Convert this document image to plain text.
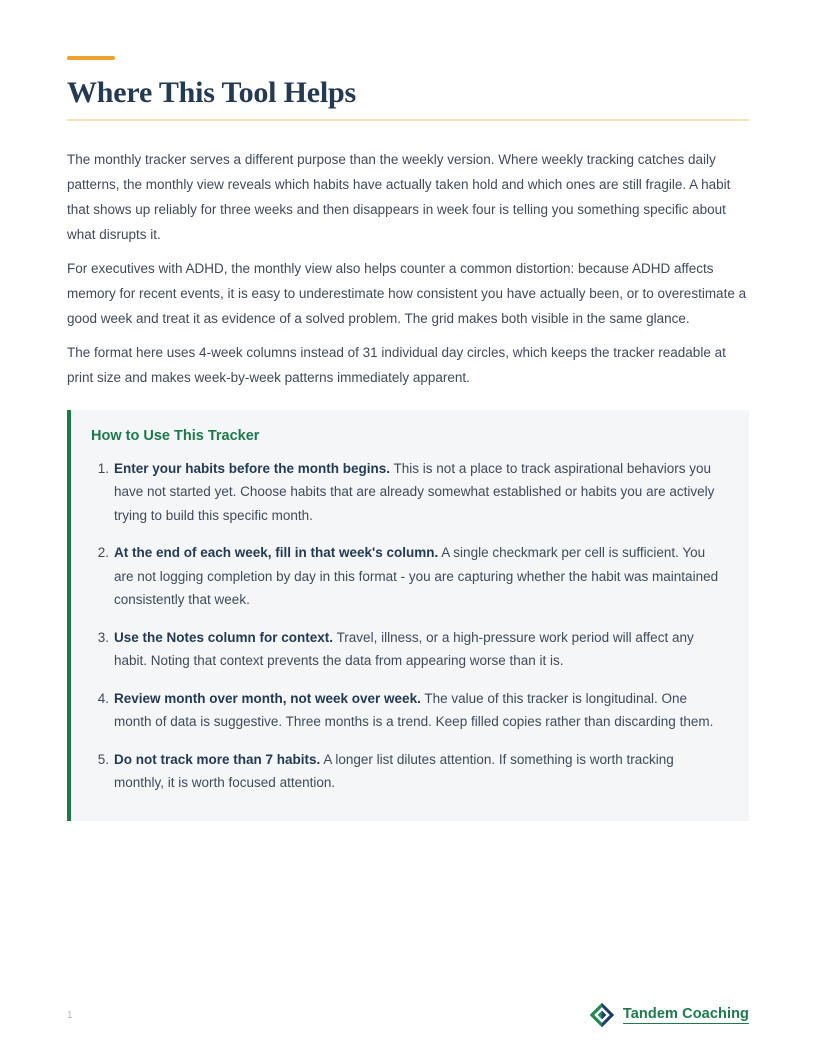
Where This Tool Helps

The monthly tracker serves a different purpose than the weekly version. Where weekly tracking catches daily patterns, the monthly view reveals which habits have actually taken hold and which ones are still fragile. A habit that shows up reliably for three weeks and then disappears in week four is telling you something specific about what disrupts it.

For executives with ADHD, the monthly view also helps counter a common distortion: because ADHD affects memory for recent events, it is easy to underestimate how consistent you have actually been, or to overestimate a good week and treat it as evidence of a solved problem. The grid makes both visible in the same glance.

The format here uses 4-week columns instead of 31 individual day circles, which keeps the tracker readable at print size and makes week-by-week patterns immediately apparent.

How to Use This Tracker
1. Enter your habits before the month begins. This is not a place to track aspirational behaviors you have not started yet. Choose habits that are already somewhat established or habits you are actively trying to build this specific month.
2. At the end of each week, fill in that week's column. A single checkmark per cell is sufficient. You are not logging completion by day in this format - you are capturing whether the habit was maintained consistently that week.
3. Use the Notes column for context. Travel, illness, or a high-pressure work period will affect any habit. Noting that context prevents the data from appearing worse than it is.
4. Review month over month, not week over week. The value of this tracker is longitudinal. One month of data is suggestive. Three months is a trend. Keep filled copies rather than discarding them.
5. Do not track more than 7 habits. A longer list dilutes attention. If something is worth tracking monthly, it is worth focused attention.
1	Tandem Coaching
